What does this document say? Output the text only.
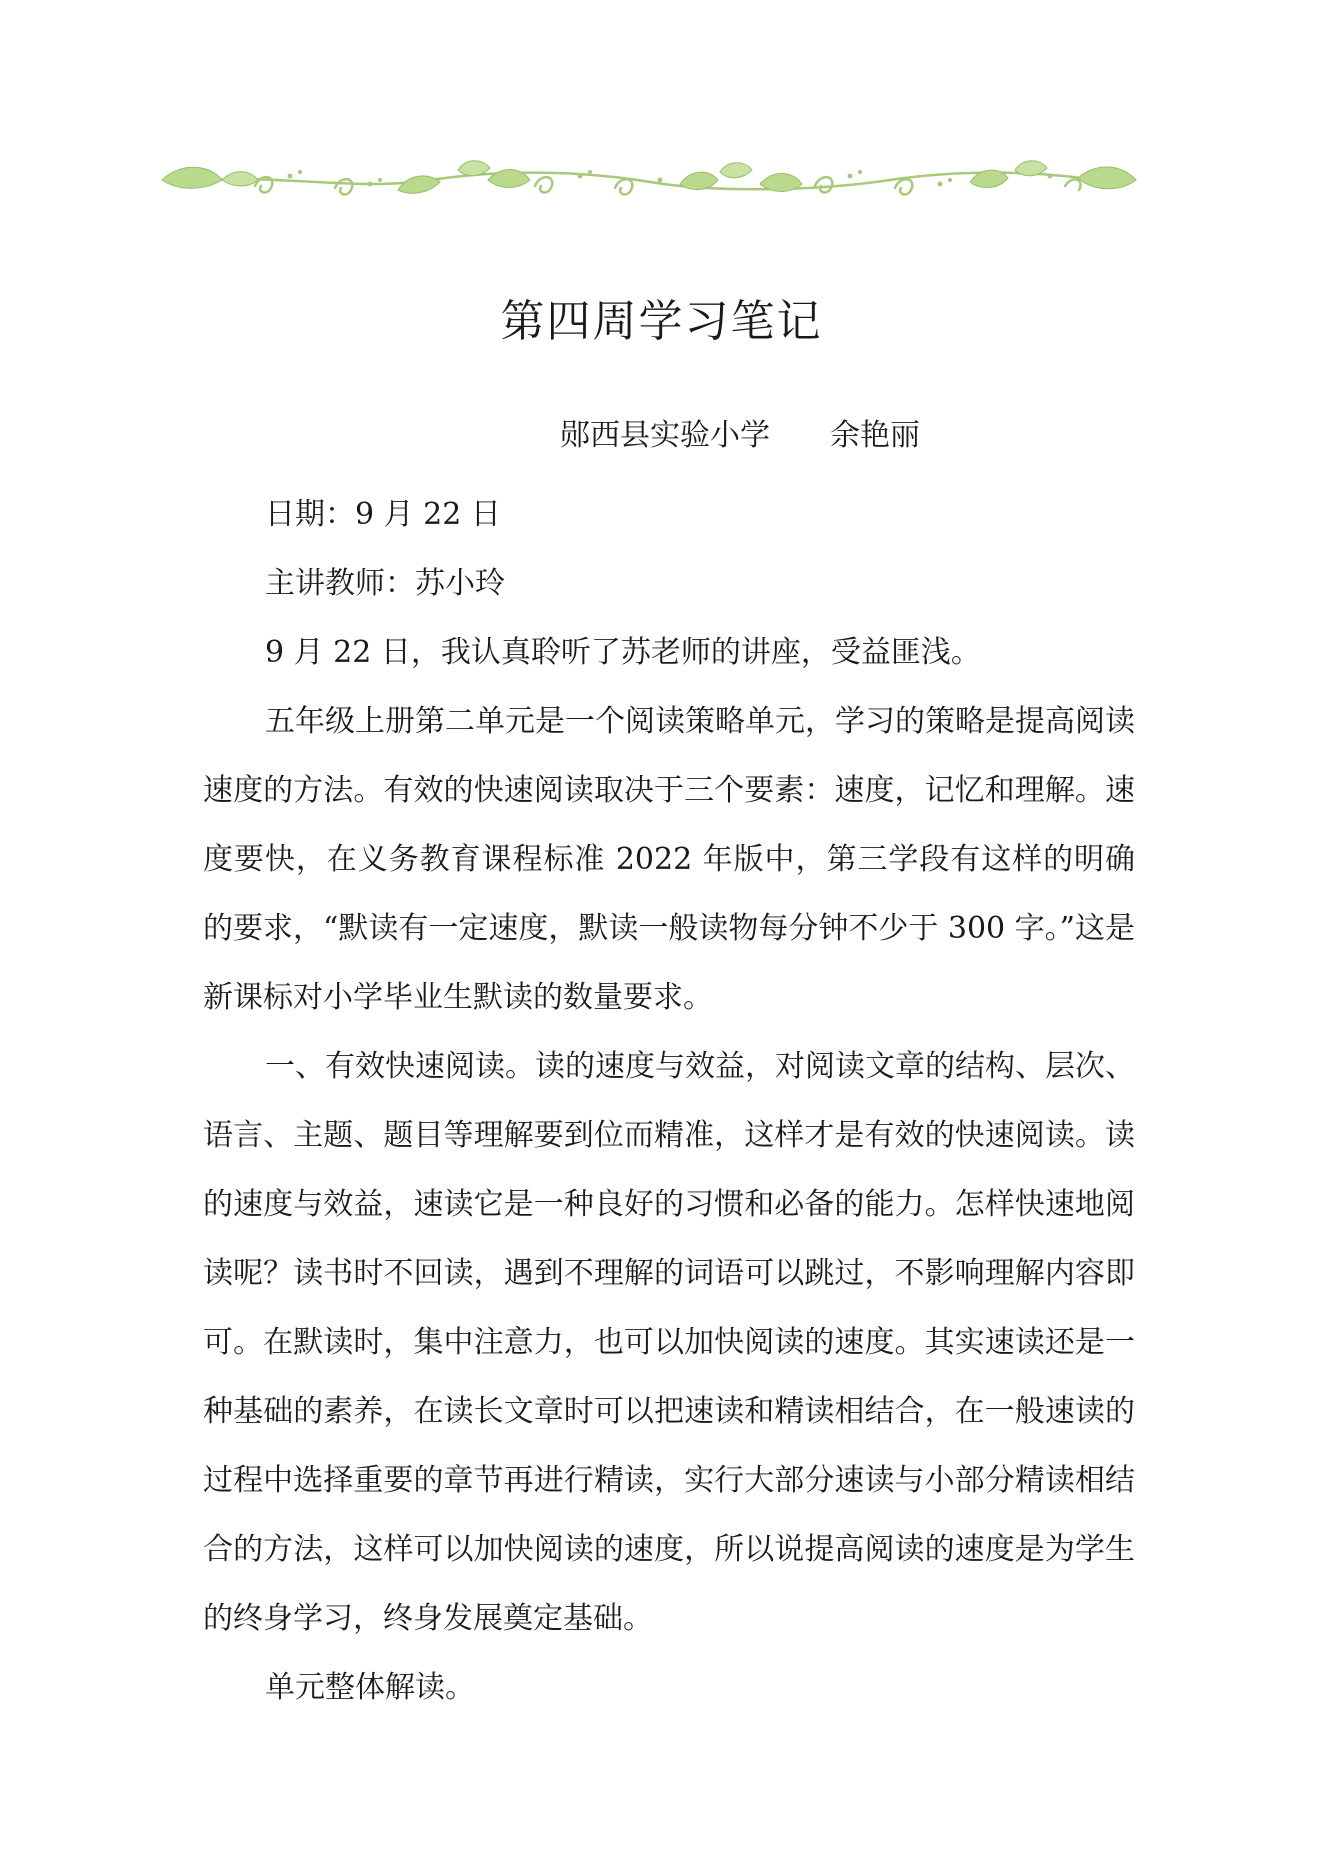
第四周学习笔记
郧西县实验小学 余艳丽

日期：9 月 22 日

主讲教师：苏小玲

9 月 22 日，我认真聆听了苏老师的讲座，受益匪浅。

五年级上册第二单元是一个阅读策略单元，学习的策略是提高阅读速度的方法。有效的快速阅读取决于三个要素：速度，记忆和理解。速度要快，在义务教育课程标准 2022 年版中，第三学段有这样的明确的要求，“默读有一定速度，默读一般读物每分钟不少于 300 字。”这是新课标对小学毕业生默读的数量要求。

一、有效快速阅读。读的速度与效益，对阅读文章的结构、层次、语言、主题、题目等理解要到位而精准，这样才是有效的快速阅读。读的速度与效益，速读它是一种良好的习惯和必备的能力。怎样快速地阅读呢？读书时不回读，遇到不理解的词语可以跳过，不影响理解内容即可。在默读时，集中注意力，也可以加快阅读的速度。其实速读还是一种基础的素养，在读长文章时可以把速读和精读相结合，在一般速读的过程中选择重要的章节再进行精读，实行大部分速读与小部分精读相结合的方法，这样可以加快阅读的速度，所以说提高阅读的速度是为学生的终身学习，终身发展奠定基础。

单元整体解读。
